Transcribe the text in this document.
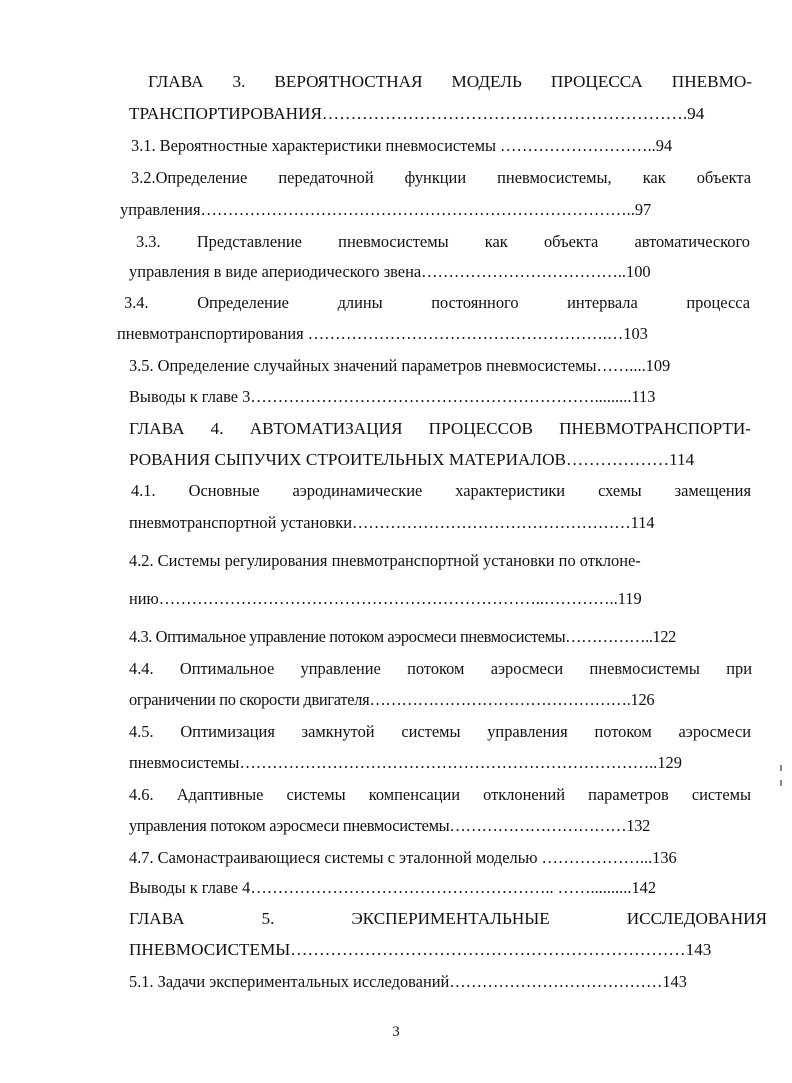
ГЛАВА 3. ВЕРОЯТНОСТНАЯ МОДЕЛЬ ПРОЦЕССА ПНЕВМО-
ТРАНСПОРТИРОВАНИЯ……………………………………………………….94
3.1. Вероятностные характеристики пневмосистемы ………………………..94
3.2.Определение передаточной функции пневмосистемы, как объекта
управления……………………………………………………………………..97
3.3. Представление пневмосистемы как объекта автоматического
управления в виде апериодического звена………………………………..100
3.4. Определение длины постоянного интервала процесса
пневмотранспортирования ……………………………………………….…103
3.5. Определение случайных значений параметров пневмосистемы……....109
Выводы к главе 3……………………………………………………….........113
ГЛАВА 4. АВТОМАТИЗАЦИЯ ПРОЦЕССОВ ПНЕВМОТРАНСПОРТИ-
РОВАНИЯ СЫПУЧИХ СТРОИТЕЛЬНЫХ МАТЕРИАЛОВ………………114
4.1. Основные аэродинамические характеристики схемы замещения
пневмотранспортной установки……………………………………………114
4.2. Системы регулирования пневмотранспортной установки по отклоне-
нию……………………………………………………………..…………..119
4.3. Оптимальное управление потоком аэросмеси пневмосистемы……………..122
4.4. Оптимальное управление потоком аэросмеси пневмосистемы при
ограничении по скорости двигателя………………………………………….126
4.5. Оптимизация замкнутой системы управления потоком аэросмеси
пневмосистемы…………………………………………………………………..129
4.6. Адаптивные системы компенсации отклонений параметров системы
управления потоком аэросмеси пневмосистемы……………………………132
4.7. Самонастраивающиеся системы с эталонной моделью ………………...136
Выводы к главе 4……………………………………………….. ……..........142
ГЛАВА 5. ЭКСПЕРИМЕНТАЛЬНЫЕ ИССЛЕДОВАНИЯ
ПНЕВМОСИСТЕМЫ……………………………………………………………143
5.1. Задачи экспериментальных исследований…………………………………143
3
